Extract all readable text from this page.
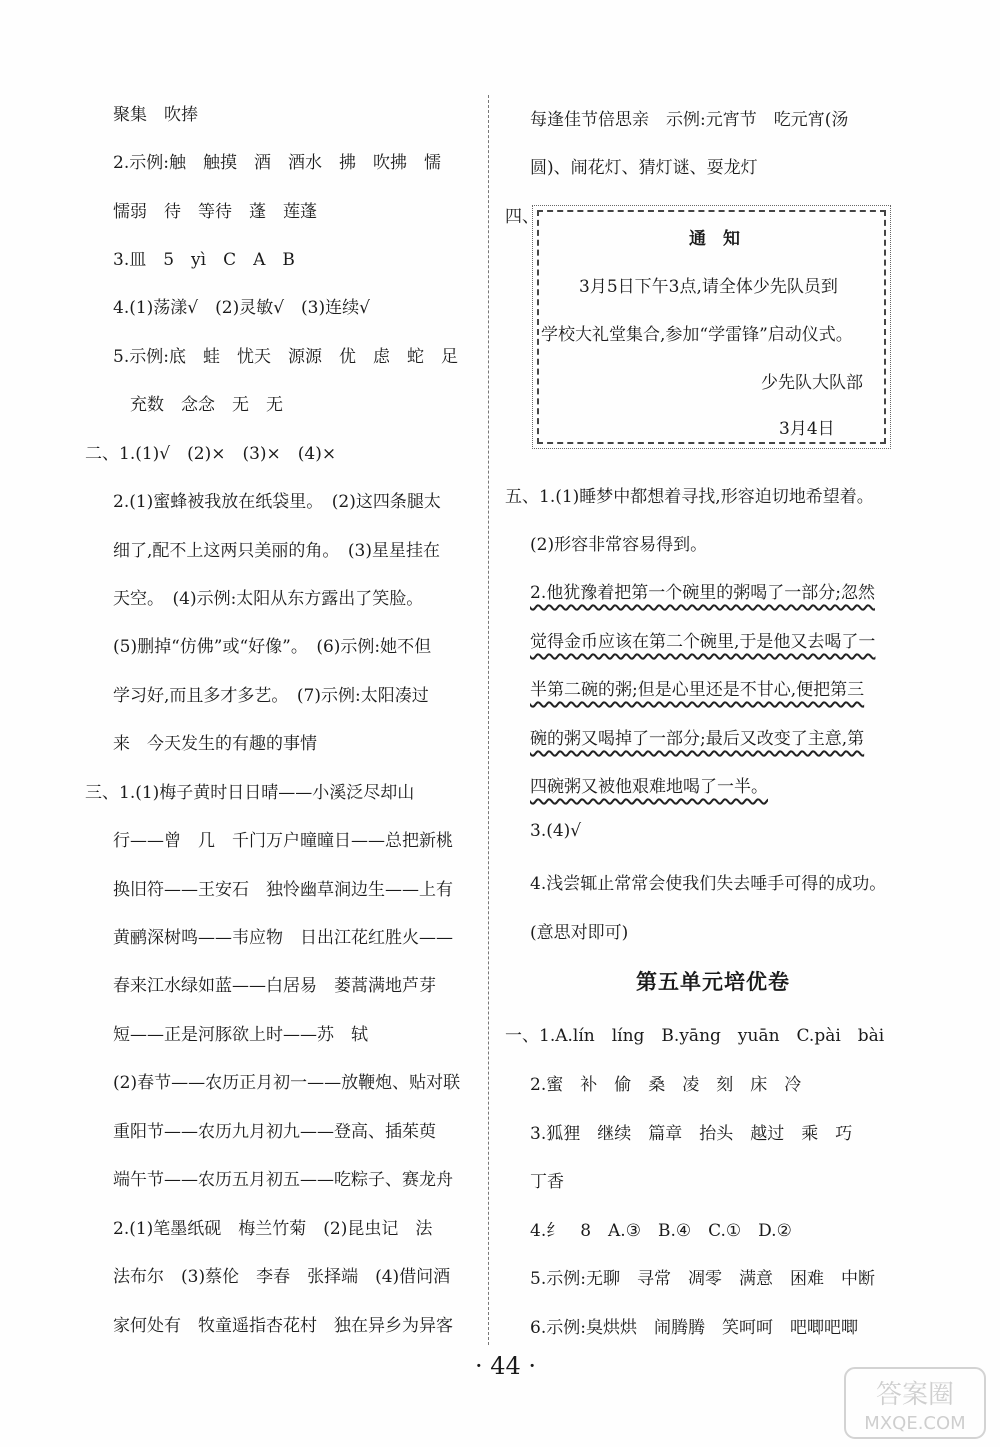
聚集　吹捧
2.示例:触　触摸　酒　酒水　拂　吹拂　懦
懦弱　待　等待　蓬　莲蓬
3.皿　5　yì　C　A　B
4.(1)荡漾√　(2)灵敏√　(3)连续√
5.示例:底　蛙　忧天　源源　优　虑　蛇　足
充数　念念　无　无
二、1.(1)√　(2)×　(3)×　(4)×
2.(1)蜜蜂被我放在纸袋里。　(2)这四条腿太
细了,配不上这两只美丽的角。　(3)星星挂在
天空。　(4)示例:太阳从东方露出了笑脸。
(5)删掉“仿佛”或“好像”。　(6)示例:她不但
学习好,而且多才多艺。　(7)示例:太阳凑过
来　今天发生的有趣的事情
三、1.(1)梅子黄时日日晴——小溪泛尽却山
行——曾　几　千门万户曈曈日——总把新桃
换旧符——王安石　独怜幽草涧边生——上有
黄鹂深树鸣——韦应物　日出江花红胜火——
春来江水绿如蓝——白居易　蒌蒿满地芦芽
短——正是河豚欲上时——苏　轼
(2)春节——农历正月初一——放鞭炮、贴对联
重阳节——农历九月初九——登高、插茱萸
端午节——农历五月初五——吃粽子、赛龙舟
2.(1)笔墨纸砚　梅兰竹菊　(2)昆虫记　法
法布尔　(3)蔡伦　李春　张择端　(4)借问酒
家何处有　牧童遥指杏花村　独在异乡为异客
每逢佳节倍思亲　示例:元宵节　吃元宵(汤
圆)、闹花灯、猜灯谜、耍龙灯
四、
通　知
3月5日下午3点,请全体少先队员到
学校大礼堂集合,参加“学雷锋”启动仪式。
少先队大队部
3月4日
五、1.(1)睡梦中都想着寻找,形容迫切地希望着。
(2)形容非常容易得到。
2.他犹豫着把第一个碗里的粥喝了一部分;忽然
觉得金币应该在第二个碗里,于是他又去喝了一
半第二碗的粥;但是心里还是不甘心,便把第三
碗的粥又喝掉了一部分;最后又改变了主意,第
四碗粥又被他艰难地喝了一半。
3.(4)√
4.浅尝辄止常常会使我们失去唾手可得的成功。
(意思对即可)
第五单元培优卷
一、1.A.lín　líng　B.yāng　yuān　C.pài　bài
2.蜜　补　偷　桑　凌　刻　床　冷
3.狐狸　继续　篇章　抬头　越过　乘　巧
丁香
4.纟　8　A.③　B.④　C.①　D.②
5.示例:无聊　寻常　凋零　满意　困难　中断
6.示例:臭烘烘　闹腾腾　笑呵呵　吧唧吧唧
· 44 ·
答案圈
MXQE.COM
